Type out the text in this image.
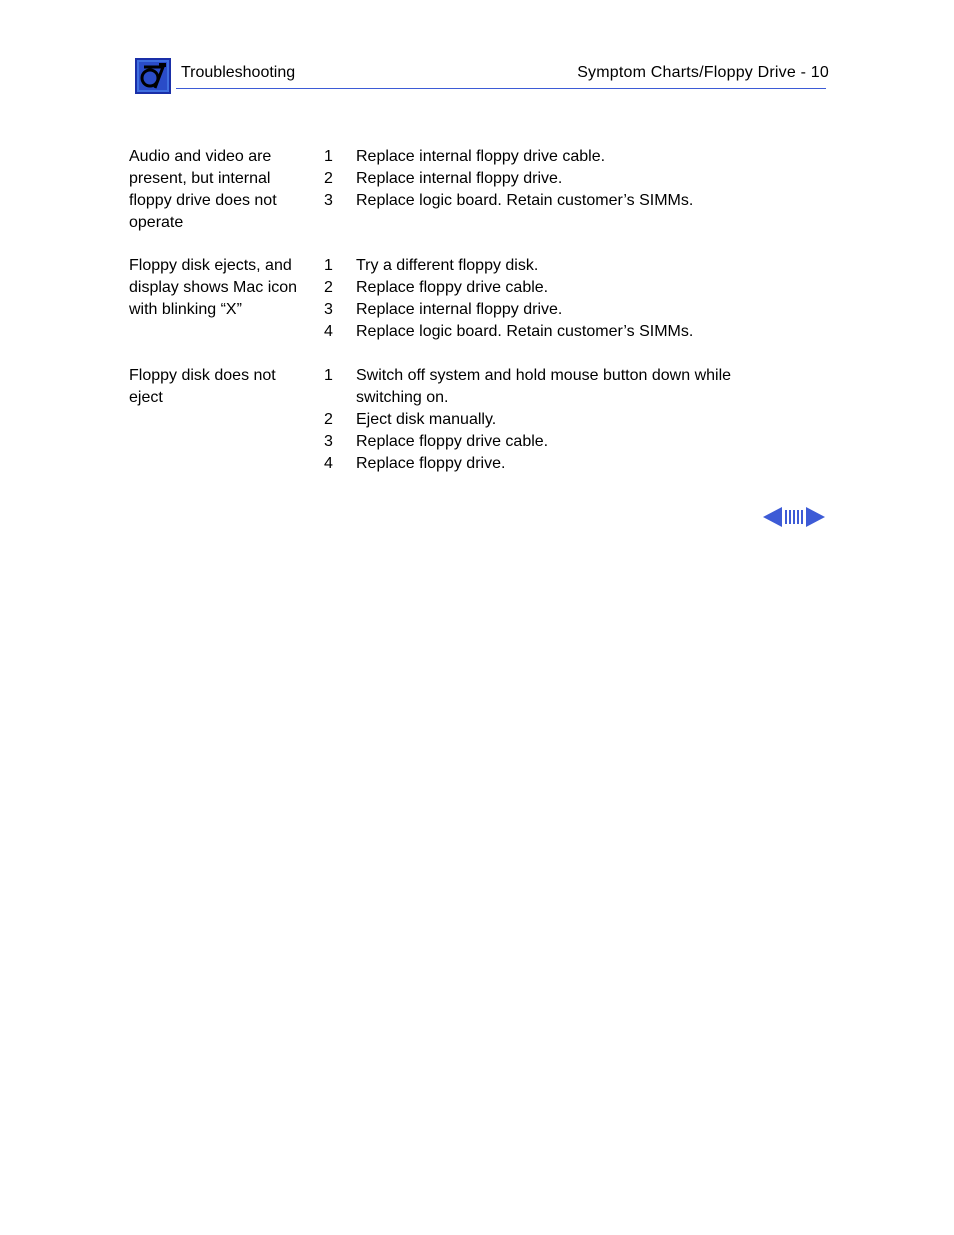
Troubleshooting	Symptom Charts/Floppy Drive - 10
Audio and video are present, but internal floppy drive does not operate
1 Replace internal floppy drive cable.
2 Replace internal floppy drive.
3 Replace logic board. Retain customer’s SIMMs.
Floppy disk ejects, and display shows Mac icon with blinking “X”
1 Try a different floppy disk.
2 Replace floppy drive cable.
3 Replace internal floppy drive.
4 Replace logic board. Retain customer’s SIMMs.
Floppy disk does not eject
1 Switch off system and hold mouse button down while switching on.
2 Eject disk manually.
3 Replace floppy drive cable.
4 Replace floppy drive.
